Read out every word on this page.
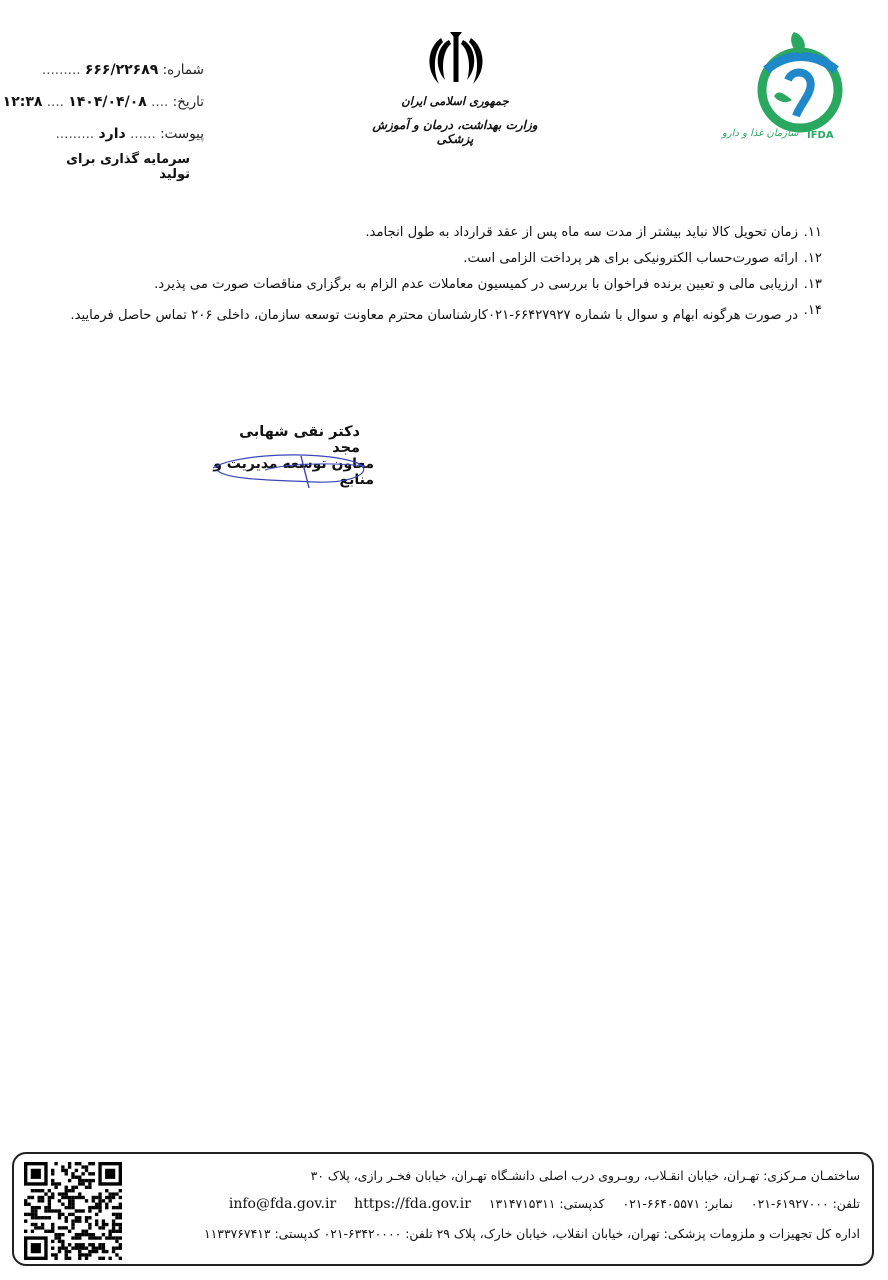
شماره: ۶۶۶/۲۲۶۸۹ .........
تاریخ: .... ۱۴۰۴/۰۴/۰۸ .... ۱۲:۳۸
پیوست: ...... دارد .........
سرمایه گذاری برای تولید
جمهوری اسلامی ایران
وزارت بهداشت، درمان و آموزش پزشکی	سازمان غذا و دارو IFDA
۱۱.
زمان تحویل کالا نباید بیشتر از مدت سه ماه پس از عقد قرارداد به طول انجامد.
۱۲.
ارائه صورت‌حساب الکترونیکی برای هر پرداخت الزامی است.
۱۳.
ارزیابی مالی و تعیین برنده فراخوان با بررسی در کمیسیون معاملات عدم الزام به برگزاری مناقصات صورت می پذیرد.
۱۴.
در صورت هرگونه ابهام و سوال با شماره ۶۶۴۲۷۹۲۷-۰۲۱کارشناسان محترم معاونت توسعه سازمان، داخلی ۲۰۶ تماس حاصل فرمایید.
دکتر نقی شهابی مجد
معاون توسعه مدیریت و منابع
ساختمـان مـرکزی: تهـران، خیابان انقـلاب، روبـروی درب اصلی دانشـگاه تهـران، خیابان فخـر رازی، پلاک ۳۰
تلفن: ۶۱۹۲۷۰۰۰-۰۲۱ نمابر: ۶۶۴۰۵۵۷۱-۰۲۱ کدپستی: ۱۳۱۴۷۱۵۳۱۱ info@fda.gov.ir https://fda.gov.ir
اداره کل تجهیزات و ملزومات پزشکی: تهران، خیابان انقلاب، خیابان خارک، پلاک ۲۹ تلفن: ۶۳۴۲۰۰۰۰-۰۲۱ کدپستی: ۱۱۳۳۷۶۷۴۱۳
